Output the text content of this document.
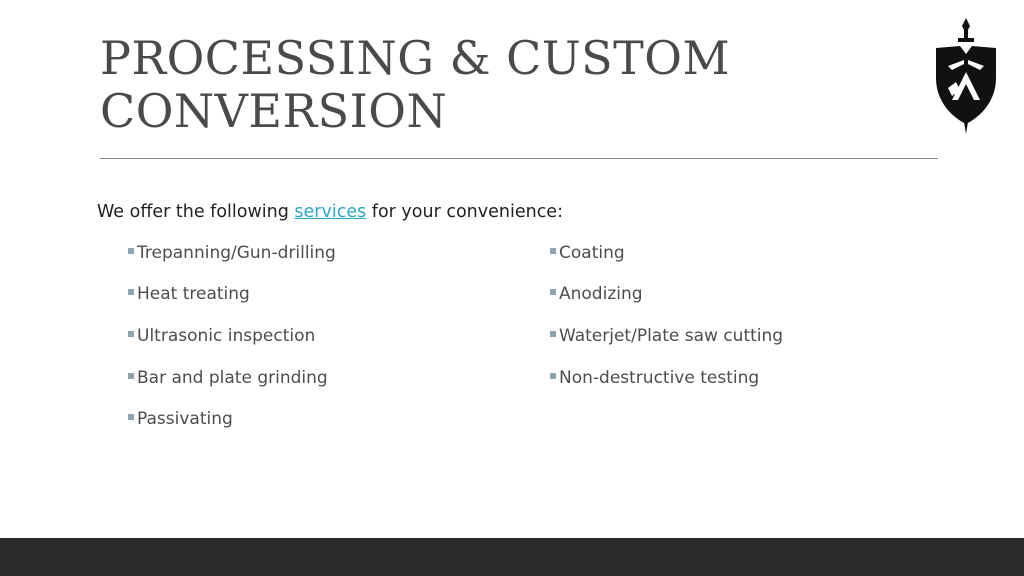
PROCESSING & CUSTOM
CONVERSION

We offer the following services for your convenience:

Trepanning/Gun-drilling
Heat treating
Ultrasonic inspection
Bar and plate grinding
Passivating
Coating
Anodizing
Waterjet/Plate saw cutting
Non-destructive testing
